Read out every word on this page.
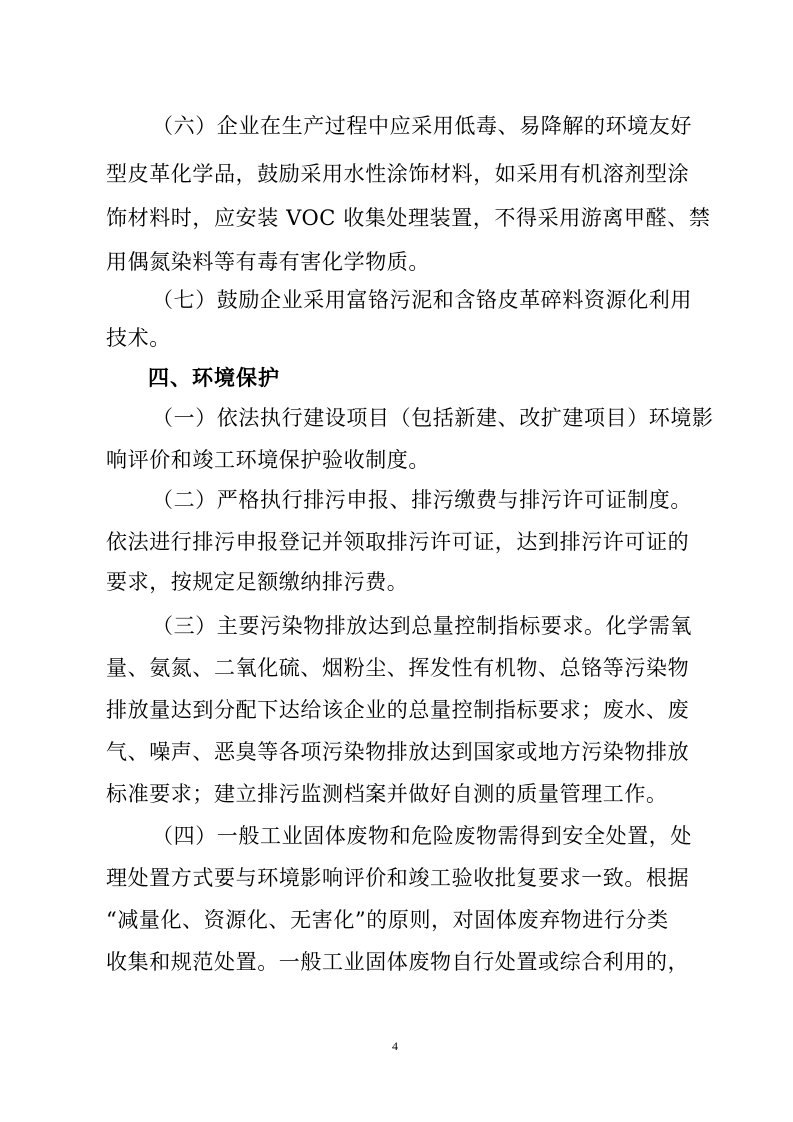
（六）企业在生产过程中应采用低毒、易降解的环境友好
型皮革化学品，鼓励采用水性涂饰材料，如采用有机溶剂型涂
饰材料时，应安装 VOC 收集处理装置，不得采用游离甲醛、禁
用偶氮染料等有毒有害化学物质。
（七）鼓励企业采用富铬污泥和含铬皮革碎料资源化利用
技术。
四、环境保护
（一）依法执行建设项目（包括新建、改扩建项目）环境影
响评价和竣工环境保护验收制度。
（二）严格执行排污申报、排污缴费与排污许可证制度。
依法进行排污申报登记并领取排污许可证，达到排污许可证的
要求，按规定足额缴纳排污费。
（三）主要污染物排放达到总量控制指标要求。化学需氧
量、氨氮、二氧化硫、烟粉尘、挥发性有机物、总铬等污染物
排放量达到分配下达给该企业的总量控制指标要求；废水、废
气、噪声、恶臭等各项污染物排放达到国家或地方污染物排放
标准要求；建立排污监测档案并做好自测的质量管理工作。
（四）一般工业固体废物和危险废物需得到安全处置，处
理处置方式要与环境影响评价和竣工验收批复要求一致。根据
“减量化、资源化、无害化”的原则，对固体废弃物进行分类
收集和规范处置。一般工业固体废物自行处置或综合利用的，
4
